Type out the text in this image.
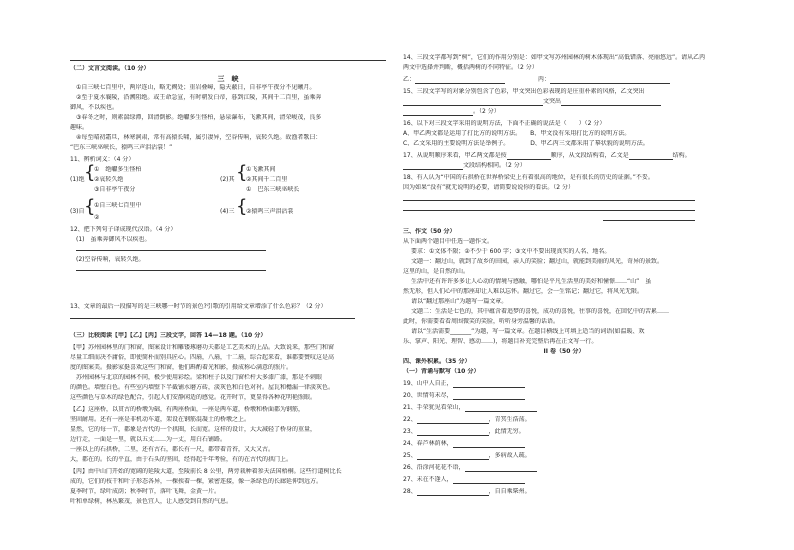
（二）文言文阅读。（10 分）
三　峡
①自三峡七百里中，两岸连山，略无阙处；重岩叠嶂，隐天蔽日，自非亭午夜分不见曦月。
②至于夏水襄陵，沿溯阻绝。或王命急宣，有时朝发白帝，暮到江陵，其间千二百里，虽乘奔
御风，不以疾也。
③春冬之时，则素湍绿潭，回清倒影。绝巘多生怪柏，悬泉瀑布，飞漱其间，清荣峻茂，良多
趣味。
④每至晴初霜旦，林寒涧肃，常有高猿长啸，属引凄异，空谷传响，哀转久绝。故渔者歌曰：
“巴东三峡巫峡长，猿鸣三声泪沾裳！”
11、辨析词义：（4 分）
(1)绝 {
①　绝巘多生怪柏
②哀转久绝
③自非亭午夜分
(2)其 {
①飞漱其间
②其间千二百里
①　巴东三峡巫峡长
(3)自 {
①自三峡七百里中
②
(4)三 {
②猿鸣三声泪沾裳
12、把下列句子译成现代汉语。（4 分）
(1)　虽乘奔御风不以疾也。
(2)空谷传响，哀转久绝。
13、文章的最后一段描写的是三峡哪一时节的景色?引歌的引用给文章增添了什么色彩？（2 分）
（三）比较阅读【甲】【乙】【丙】三段文字，回答 14—18 题。（10 分）
【甲】苏州园林里的门和窗，图案设计和雕镂琢磨功夫都是工艺美术的上品。大致说来，那些门和窗
尽量工细而决不庸俗，即使简朴而别具匠心。四扇，八扇，十二扇，综合起来看，谁都要赞叹这是高
度的图案美。摄影家挺喜欢这些门和窗，他们斟酌着光和影，摄成称心满意的照片。
　苏州园林与北京的园林不同，极少使用彩绘。梁和柱子以及门窗栏杆大多漆广漆，那是不刺眼
的颜色。墙壁白色。有些室内墙壁下半截铺水磨方砖，淡灰色和白色对衬。屋瓦和檐漏一律淡灰色。
这些颜色与草木的绿色配合，引起人们安静闲适的感觉。花开时节，更显得各种花明艳照眼。
【乙】这座桥，以贯古的桥墩为础，有两座桥面，一座是两车道，桥墩和桥面都为钢筋，
坚固耐用。还有一座是非机动车道，架设在钢筋混凝土的桥墩之上。
显然，它的每一节，都象是古代的一个拱圈，长而宽。这样的设计，大大减轻了桥身的重量，
边行走，一面是一里，就以五丈……为一丈，用白石铺路。
一座以上的石拱桥，二里，还有古石，都长有一尺，都带着青苔，又大又古。
大，都在的。长的平直，由于石头的坚固，经得起千年考验，有的在古代的拱门上。
【丙】由中山门开始的宽阔的延陵大道，至陵前长 8 公里，两旁栽种着参天法国梧桐。这些行道树比长
成的，它们的枝干和叶子形态各异，一棵挨着一棵，紧密连接，像一条绿色的长廊延伸到远方。
夏季时节，绿叶成荫；秋季时节，落叶飞舞，金黄一片。
叶和单绿树，林丛繁茂，景色宜人，让人感受到自然的气息。
14、三段文字都写到“树”，它们的作用分别是：如甲文写苏州园林的树木体现出“高低错落、亮丽悠远”。请从乙丙
两文中选择并判断，概括两树的不同特征。（2 分）
乙：	丙：
15、三段文字写的对象分别包含了色彩，甲文突出色彩表现的是庄重朴素的风格，乙文突出
文突出
。（2 分）
16、以下对三段文字采用的说明方法，下面不正确的说法是（　　）（2 分）
A、甲乙两文都是运用了打比方的说明方法。　　B、甲文没有采用打比方的说明方法。
C、乙文采用的主要说明方法是举例子。　　　　D、甲乙丙三文都采用了摹状貌的说明方法。
17、从说明顺序来看，甲乙两文都是按	顺序，从文段结构看，乙文是	结构。
文段结构相同。（2 分）
18、有人认为“中国的石拱桥在世界桥梁史上有着很高的地位，是有很长的历史的证据。”不妥。
因为如果“没有”就无说明的必要，请简要说说你的看法。（2 分）
三、作文（50 分）
从下面两个题目中任选一题作文。
要求：①文体不限；②不少于 600 字；③文中不要出现真实的人名、地名。
文题一：翻过山，就到了故乡的田园，亲人的笑脸；翻过山，就能到美丽的风光，奇异的景致。
这里的山，是自然的山。
生活中还有许许多多让人心动的情境与感触，哪怕是平凡生活里的美好和憧憬……“山”　虽
然无形，但人们心中的那座却让人难以忘怀。翻过它，会一生铭记；翻过它，将风光无限。
请以“翻过那座山”为题写一篇文章。
文题二：生活是七色的，其中蕴含着追梦的喜悦，成功的喜悦，往事的喜悦，在回忆中的苦累……
此时，你需要看看周围微笑的笑脸，听听身旁温馨的话语。
请以“生活需要_______”为题，写一篇文章。在题目横线上可填上适当的词语(如温暖、欢
乐、掌声、阳光、理智、感动……)，将题目补充完整后再在正文写一行。
II 卷（50 分）
四、课外积累。（35 分）
（一）背诵与默写（10 分）
19、山中人自正，
20、世情苟未尽，
21、手荣犹见看荣山，
22、	，青冥生浩荡。
23、	，此情无穷。
24、春芦林荫林，
25、	，多病故人疏。
26、沿涂河花花不语，
27、未在不逢人，
28、	，自自乘柴州。
